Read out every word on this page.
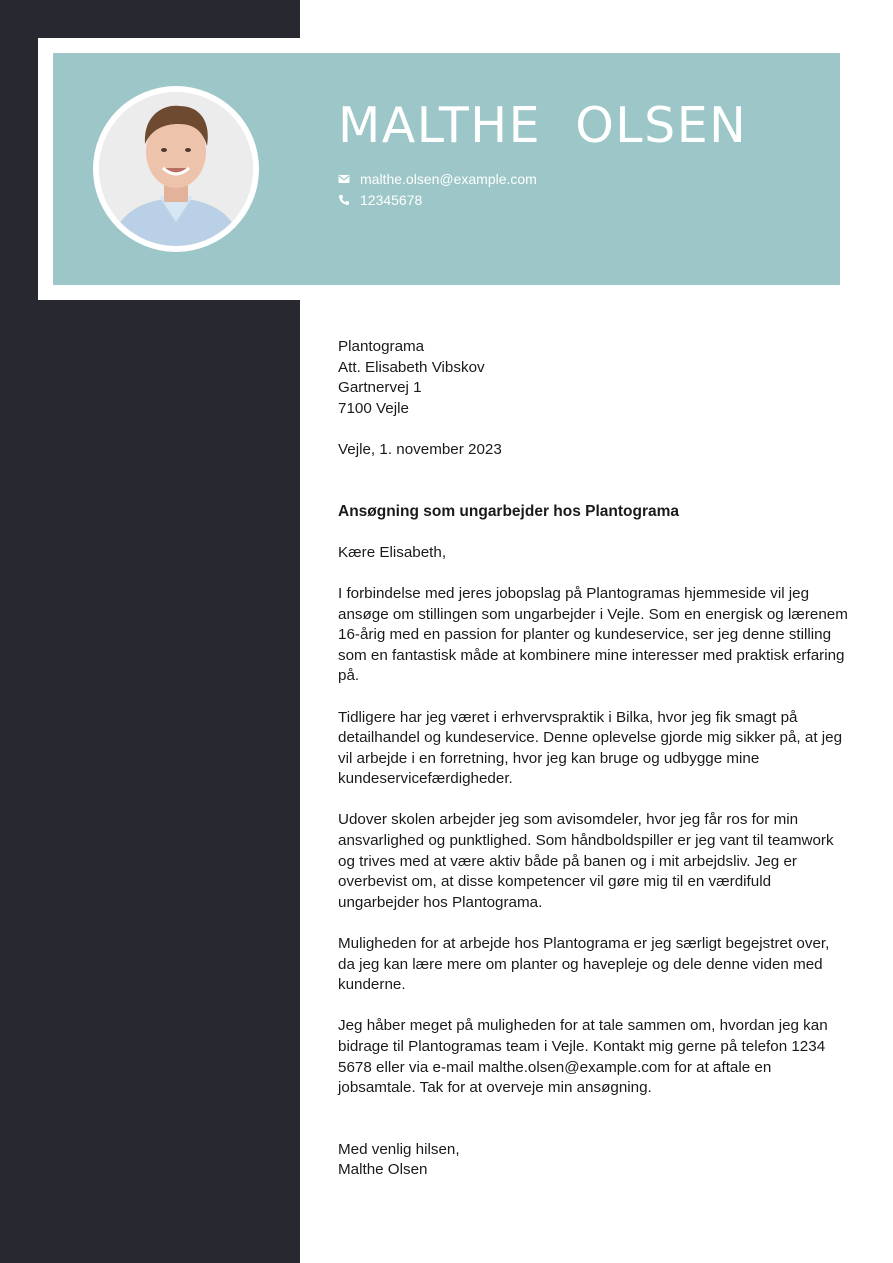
MALTHE  OLSEN
malthe.olsen@example.com
12345678

Plantograma
Att. Elisabeth Vibskov
Gartnervej 1
7100 Vejle

Vejle, 1. november 2023

Ansøgning som ungarbejder hos Plantograma

Kære Elisabeth,

I forbindelse med jeres jobopslag på Plantogramas hjemmeside vil jeg ansøge om stillingen som ungarbejder i Vejle. Som en energisk og lærenem 16-årig med en passion for planter og kundeservice, ser jeg denne stilling som en fantastisk måde at kombinere mine interesser med praktisk erfaring på.

Tidligere har jeg været i erhvervspraktik i Bilka, hvor jeg fik smagt på detailhandel og kundeservice. Denne oplevelse gjorde mig sikker på, at jeg vil arbejde i en forretning, hvor jeg kan bruge og udbygge mine kundeservicefærdigheder.

Udover skolen arbejder jeg som avisomdeler, hvor jeg får ros for min ansvarlighed og punktlighed. Som håndboldspiller er jeg vant til teamwork og trives med at være aktiv både på banen og i mit arbejdsliv. Jeg er overbevist om, at disse kompetencer vil gøre mig til en værdifuld ungarbejder hos Plantograma.

Muligheden for at arbejde hos Plantograma er jeg særligt begejstret over, da jeg kan lære mere om planter og havepleje og dele denne viden med kunderne.

Jeg håber meget på muligheden for at tale sammen om, hvordan jeg kan bidrage til Plantogramas team i Vejle. Kontakt mig gerne på telefon 1234 5678 eller via e-mail malthe.olsen@example.com for at aftale en jobsamtale. Tak for at overveje min ansøgning.

Med venlig hilsen,
Malthe Olsen
